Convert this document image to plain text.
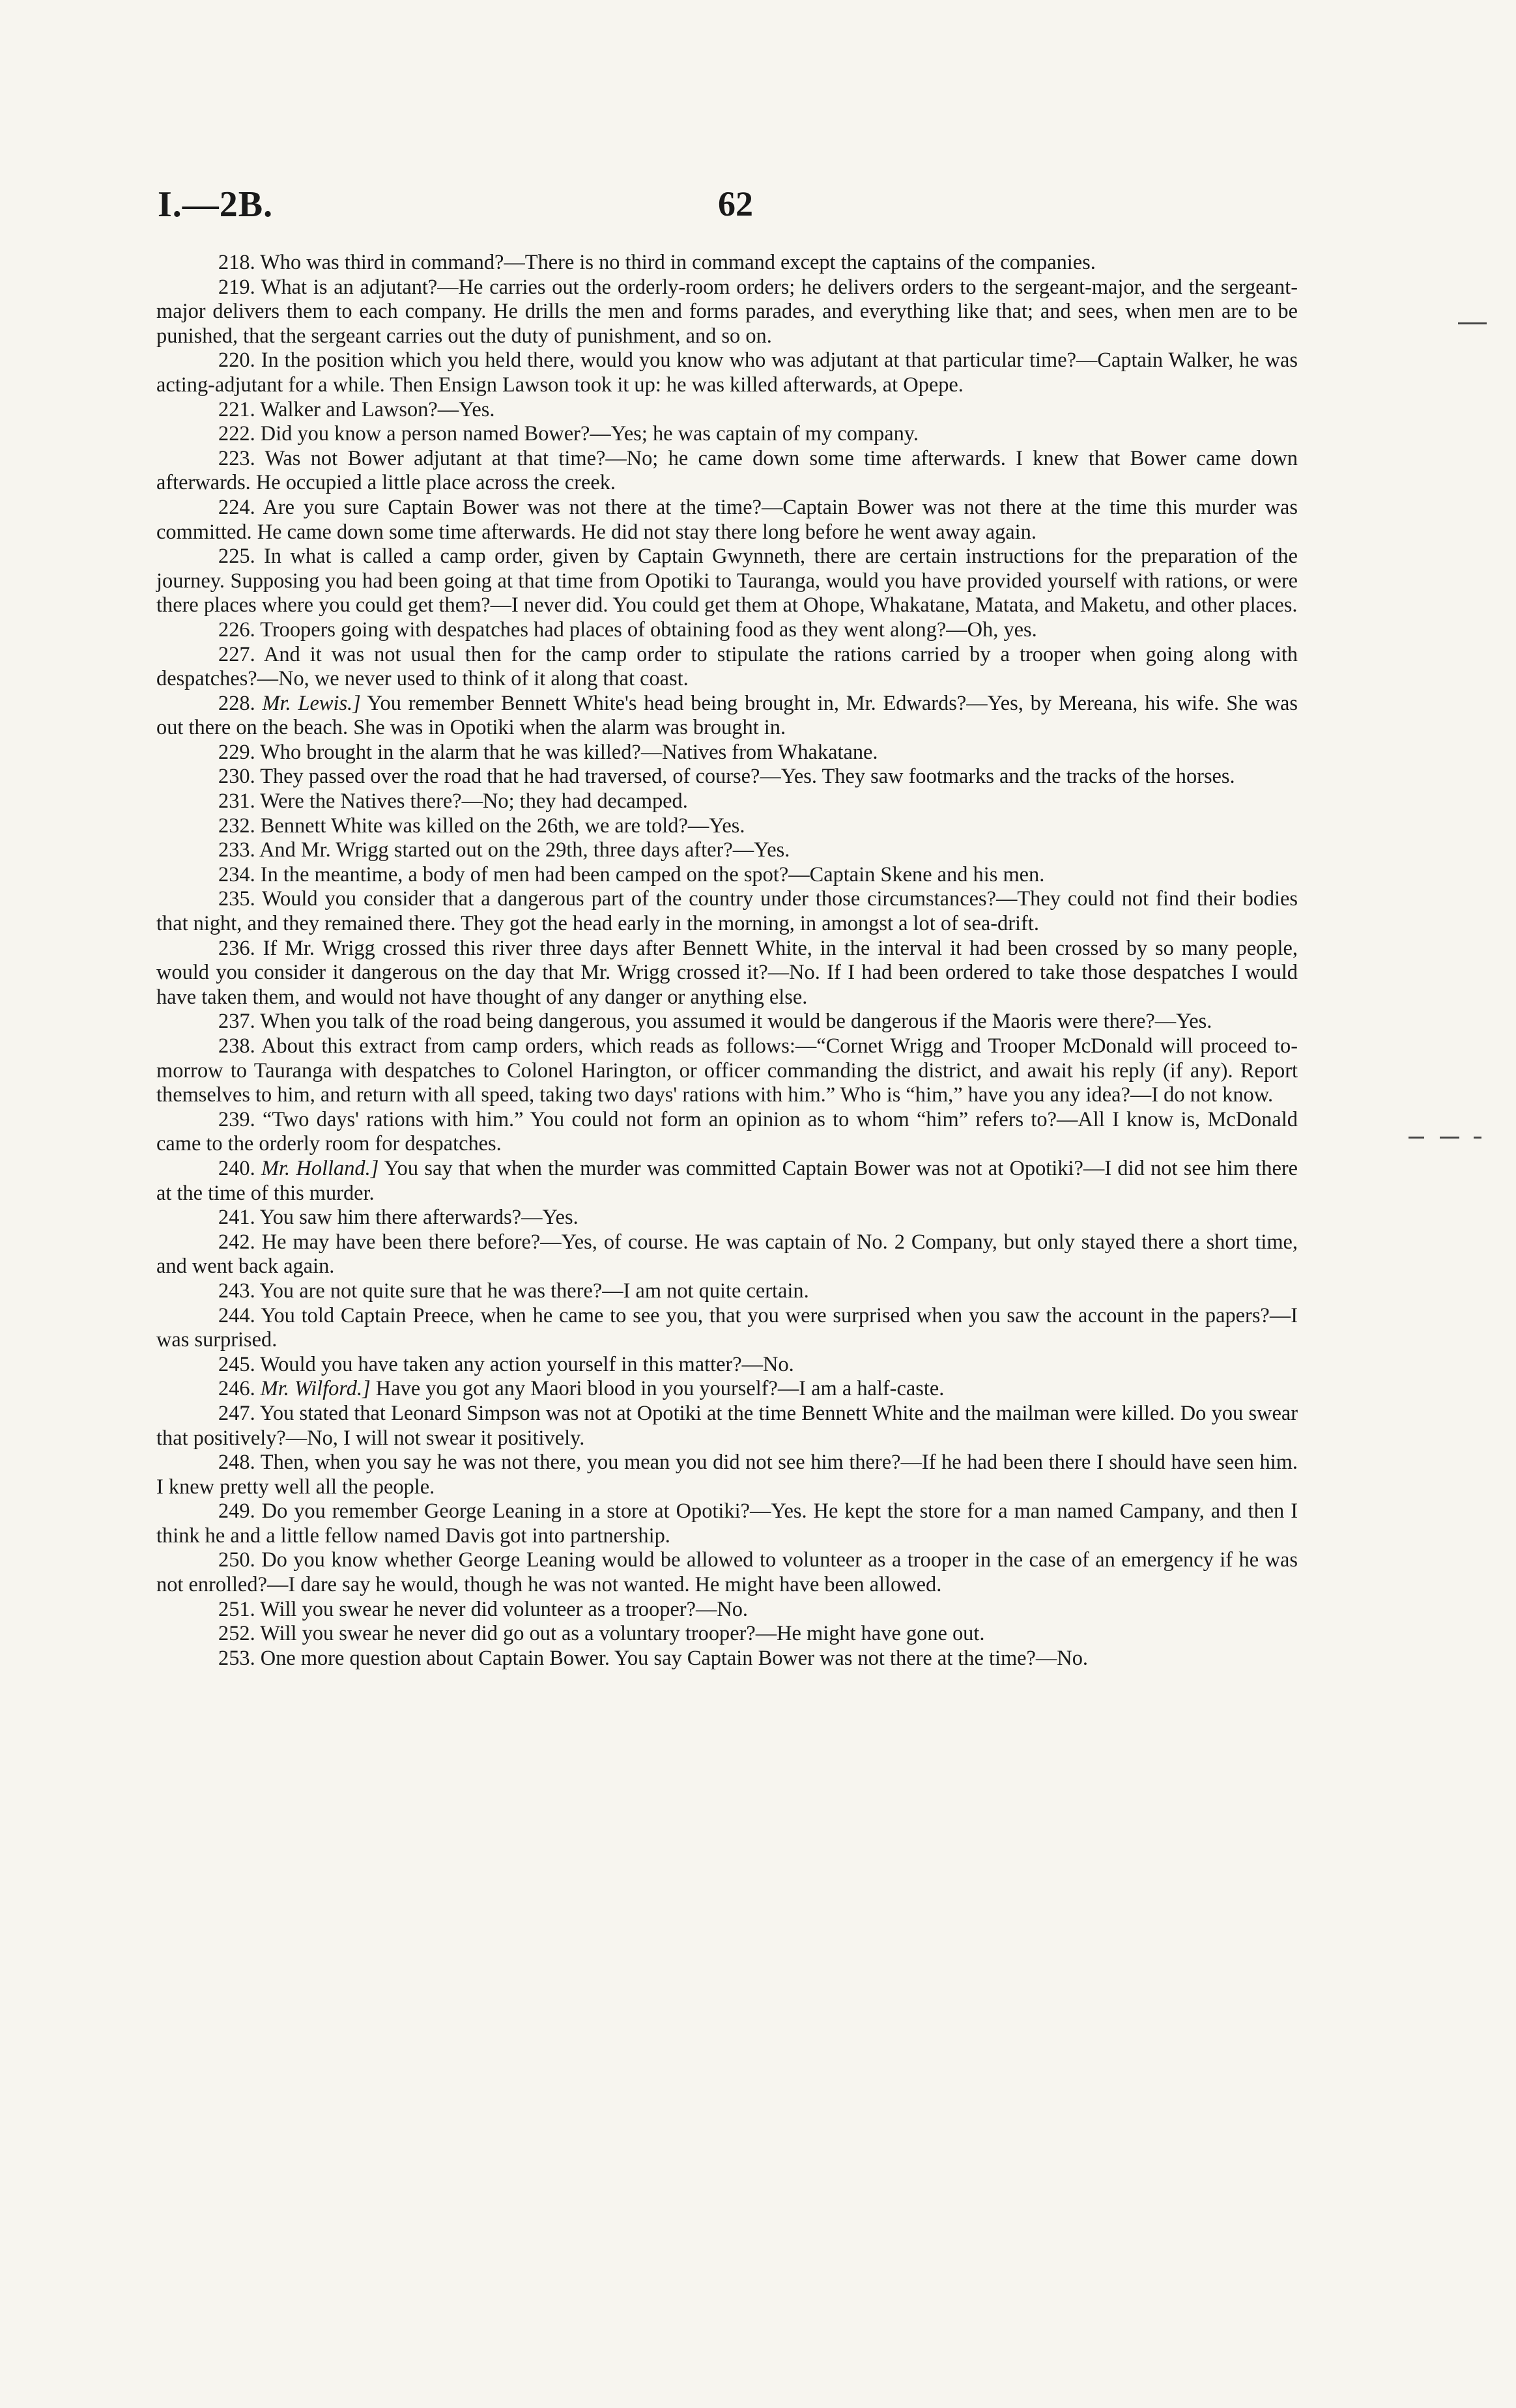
I.—2B.	62

218. Who was third in command?—There is no third in command except the captains of the companies.

219. What is an adjutant?—He carries out the orderly-room orders; he delivers orders to the sergeant-major, and the sergeant-major delivers them to each company. He drills the men and forms parades, and everything like that; and sees, when men are to be punished, that the sergeant carries out the duty of punishment, and so on.

220. In the position which you held there, would you know who was adjutant at that particular time?—Captain Walker, he was acting-adjutant for a while. Then Ensign Lawson took it up: he was killed afterwards, at Opepe.

221. Walker and Lawson?—Yes.

222. Did you know a person named Bower?—Yes; he was captain of my company.

223. Was not Bower adjutant at that time?—No; he came down some time afterwards. I knew that Bower came down afterwards. He occupied a little place across the creek.

224. Are you sure Captain Bower was not there at the time?—Captain Bower was not there at the time this murder was committed. He came down some time afterwards. He did not stay there long before he went away again.

225. In what is called a camp order, given by Captain Gwynneth, there are certain instructions for the preparation of the journey. Supposing you had been going at that time from Opotiki to Tauranga, would you have provided yourself with rations, or were there places where you could get them?—I never did. You could get them at Ohope, Whakatane, Matata, and Maketu, and other places.

226. Troopers going with despatches had places of obtaining food as they went along?—Oh, yes.

227. And it was not usual then for the camp order to stipulate the rations carried by a trooper when going along with despatches?—No, we never used to think of it along that coast.

228. Mr. Lewis.] You remember Bennett White's head being brought in, Mr. Edwards?—Yes, by Mereana, his wife. She was out there on the beach. She was in Opotiki when the alarm was brought in.

229. Who brought in the alarm that he was killed?—Natives from Whakatane.

230. They passed over the road that he had traversed, of course?—Yes. They saw footmarks and the tracks of the horses.

231. Were the Natives there?—No; they had decamped.

232. Bennett White was killed on the 26th, we are told?—Yes.

233. And Mr. Wrigg started out on the 29th, three days after?—Yes.

234. In the meantime, a body of men had been camped on the spot?—Captain Skene and his men.

235. Would you consider that a dangerous part of the country under those circumstances?—They could not find their bodies that night, and they remained there. They got the head early in the morning, in amongst a lot of sea-drift.

236. If Mr. Wrigg crossed this river three days after Bennett White, in the interval it had been crossed by so many people, would you consider it dangerous on the day that Mr. Wrigg crossed it?—No. If I had been ordered to take those despatches I would have taken them, and would not have thought of any danger or anything else.

237. When you talk of the road being dangerous, you assumed it would be dangerous if the Maoris were there?—Yes.

238. About this extract from camp orders, which reads as follows:—“Cornet Wrigg and Trooper McDonald will proceed to-morrow to Tauranga with despatches to Colonel Harington, or officer commanding the district, and await his reply (if any). Report themselves to him, and return with all speed, taking two days' rations with him.” Who is “him,” have you any idea?—I do not know.

239. “Two days' rations with him.” You could not form an opinion as to whom “him” refers to?—All I know is, McDonald came to the orderly room for despatches.

240. Mr. Holland.] You say that when the murder was committed Captain Bower was not at Opotiki?—I did not see him there at the time of this murder.

241. You saw him there afterwards?—Yes.

242. He may have been there before?—Yes, of course. He was captain of No. 2 Company, but only stayed there a short time, and went back again.

243. You are not quite sure that he was there?—I am not quite certain.

244. You told Captain Preece, when he came to see you, that you were surprised when you saw the account in the papers?—I was surprised.

245. Would you have taken any action yourself in this matter?—No.

246. Mr. Wilford.] Have you got any Maori blood in you yourself?—I am a half-caste.

247. You stated that Leonard Simpson was not at Opotiki at the time Bennett White and the mailman were killed. Do you swear that positively?—No, I will not swear it positively.

248. Then, when you say he was not there, you mean you did not see him there?—If he had been there I should have seen him. I knew pretty well all the people.

249. Do you remember George Leaning in a store at Opotiki?—Yes. He kept the store for a man named Campany, and then I think he and a little fellow named Davis got into partnership.

250. Do you know whether George Leaning would be allowed to volunteer as a trooper in the case of an emergency if he was not enrolled?—I dare say he would, though he was not wanted. He might have been allowed.

251. Will you swear he never did volunteer as a trooper?—No.

252. Will you swear he never did go out as a voluntary trooper?—He might have gone out.

253. One more question about Captain Bower. You say Captain Bower was not there at the time?—No.
